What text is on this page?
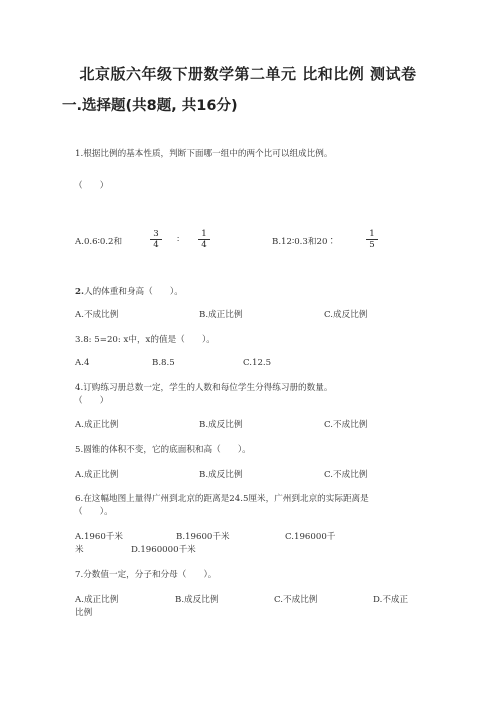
北京版六年级下册数学第二单元 比和比例 测试卷
一.选择题(共8题, 共16分)
1.根据比例的基本性质，判断下面哪一组中的两个比可以组成比例。
（　　）
A.0.6∶0.2和	$\frac{3}{4}$ ∶ $\frac{1}{4}$	B.12∶0.3和20∶	$\frac{1}{5}$
2.人的体重和身高（　　）。
A.不成比例	B.成正比例	C.成反比例
3.8: 5=20: x中，x的值是（　　）。
A.4	B.8.5	C.12.5
4.订购练习册总数一定，学生的人数和每位学生分得练习册的数量。
（　　）
A.成正比例	B.成反比例	C.不成比例
5.圆锥的体积不变，它的底面积和高（　　）。
A.成正比例	B.成反比例	C.不成比例
6.在这幅地图上量得广州到北京的距离是24.5厘米，广州到北京的实际距离是
（　　）。
A.1960千米	B.19600千米	C.196000千
米	D.1960000千米
7.分数值一定，分子和分母（　　）。
A.成正比例	B.成反比例	C.不成比例	D.不成正
比例
